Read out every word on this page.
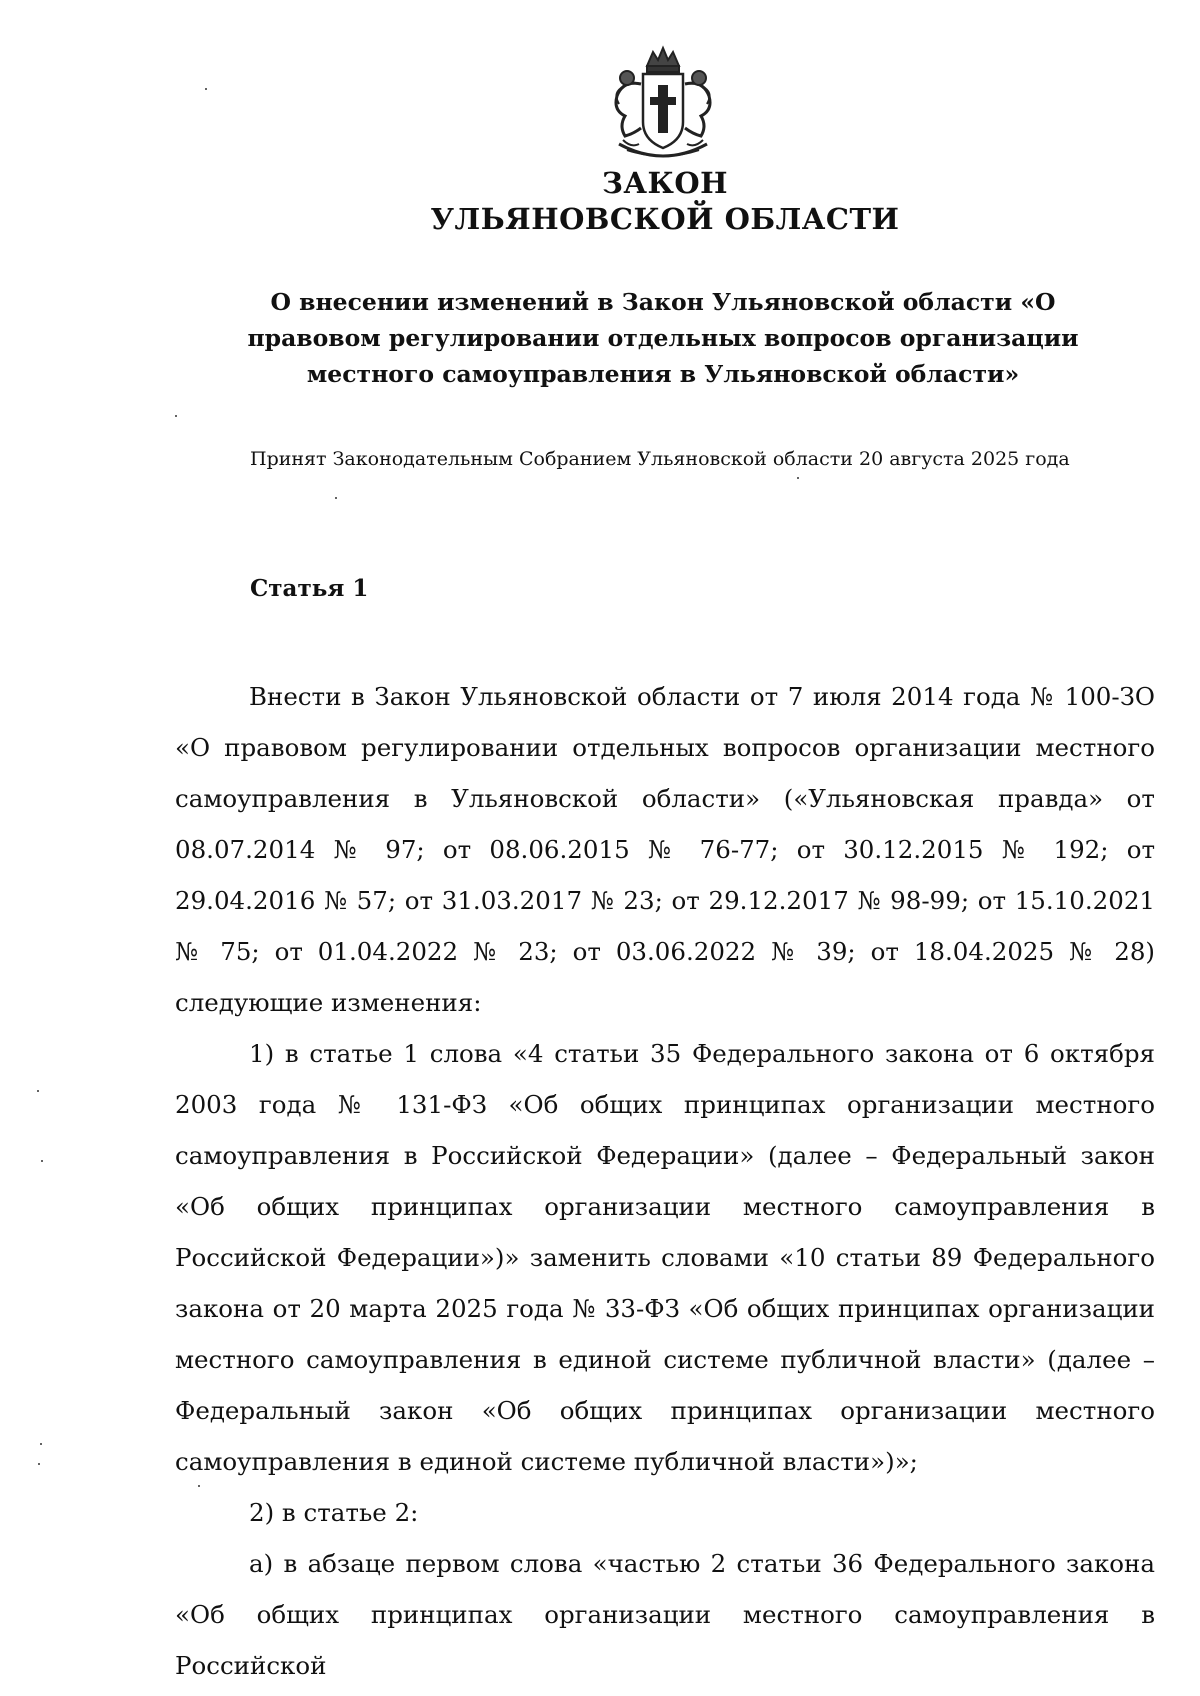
ЗАКОН
УЛЬЯНОВСКОЙ ОБЛАСТИ
О внесении изменений в Закон Ульяновской области «О правовом регулировании отдельных вопросов организации местного самоуправления в Ульяновской области»
Принят Законодательным Собранием Ульяновской области 20 августа 2025 года
Статья 1

Внести в Закон Ульяновской области от 7 июля 2014 года № 100-ЗО «О правовом регулировании отдельных вопросов организации местного самоуправления в Ульяновской области» («Ульяновская правда» от 08.07.2014 № 97; от 08.06.2015 № 76-77; от 30.12.2015 № 192; от 29.04.2016 № 57; от 31.03.2017 № 23; от 29.12.2017 № 98-99; от 15.10.2021 № 75; от 01.04.2022 № 23; от 03.06.2022 № 39; от 18.04.2025 № 28) следующие изменения:

1) в статье 1 слова «4 статьи 35 Федерального закона от 6 октября 2003 года № 131-ФЗ «Об общих принципах организации местного самоуправления в Российской Федерации» (далее – Федеральный закон «Об общих принципах организации местного самоуправления в Российской Федерации»)» заменить словами «10 статьи 89 Федерального закона от 20 марта 2025 года № 33-ФЗ «Об общих принципах организации местного самоуправления в единой системе публичной власти» (далее – Федеральный закон «Об общих принципах организации местного самоуправления в единой системе публичной власти»)»;

2) в статье 2:

а) в абзаце первом слова «частью 2 статьи 36 Федерального закона «Об общих принципах организации местного самоуправления в Российской
